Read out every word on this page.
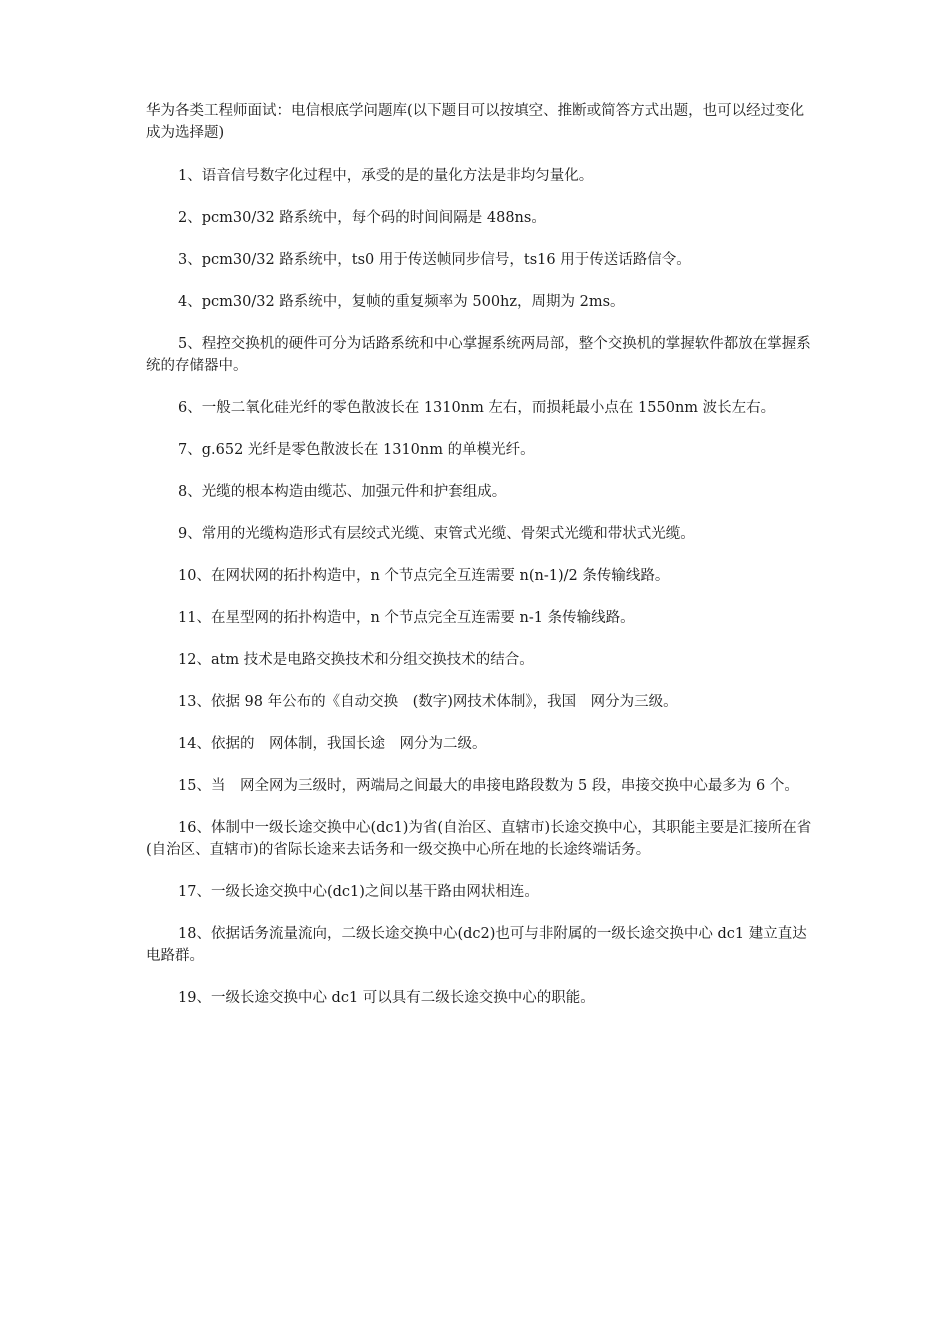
华为各类工程师面试：电信根底学问题库(以下题目可以按填空、推断或简答方式出题，也可以经过变化成为选择题)

1、语音信号数字化过程中，承受的是的量化方法是非均匀量化。

2、pcm30/32 路系统中，每个码的时间间隔是 488ns。

3、pcm30/32 路系统中，ts0 用于传送帧同步信号，ts16 用于传送话路信令。

4、pcm30/32 路系统中，复帧的重复频率为 500hz，周期为 2ms。

5、程控交换机的硬件可分为话路系统和中心掌握系统两局部，整个交换机的掌握软件都放在掌握系统的存储器中。

6、一般二氧化硅光纤的零色散波长在 1310nm 左右，而损耗最小点在 1550nm 波长左右。

7、g.652 光纤是零色散波长在 1310nm 的单模光纤。

8、光缆的根本构造由缆芯、加强元件和护套组成。

9、常用的光缆构造形式有层绞式光缆、束管式光缆、骨架式光缆和带状式光缆。

10、在网状网的拓扑构造中，n 个节点完全互连需要 n(n-1)/2 条传输线路。

11、在星型网的拓扑构造中，n 个节点完全互连需要 n-1 条传输线路。

12、atm 技术是电路交换技术和分组交换技术的结合。

13、依据 98 年公布的《自动交换　(数字)网技术体制》，我国　网分为三级。

14、依据的　网体制，我国长途　网分为二级。

15、当　网全网为三级时，两端局之间最大的串接电路段数为 5 段，串接交换中心最多为 6 个。

16、体制中一级长途交换中心(dc1)为省(自治区、直辖市)长途交换中心，其职能主要是汇接所在省(自治区、直辖市)的省际长途来去话务和一级交换中心所在地的长途终端话务。

17、一级长途交换中心(dc1)之间以基干路由网状相连。

18、依据话务流量流向，二级长途交换中心(dc2)也可与非附属的一级长途交换中心 dc1 建立直达电路群。

19、一级长途交换中心 dc1 可以具有二级长途交换中心的职能。
